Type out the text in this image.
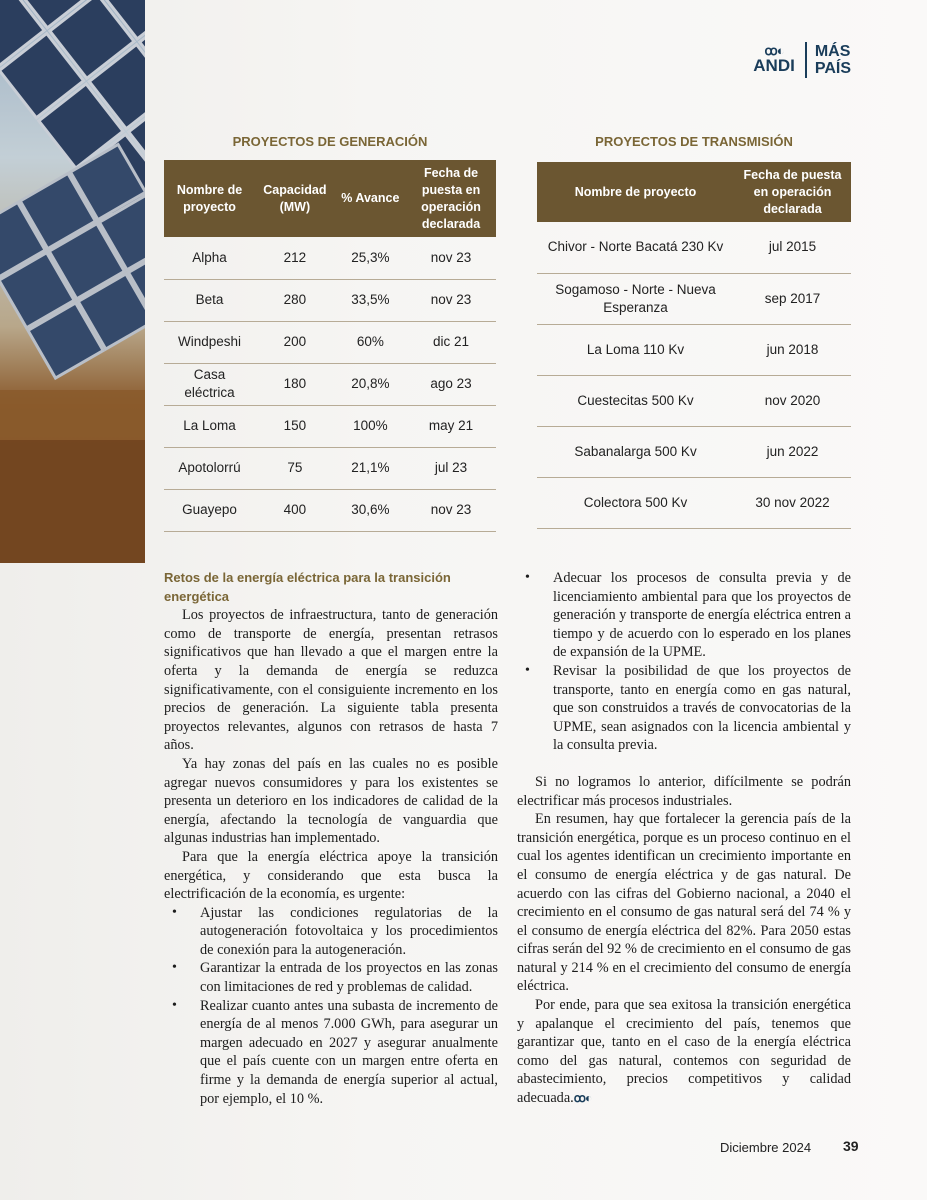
ꝏ◐
ANDI
MÁS
PAÍS
PROYECTOS DE GENERACIÓN
Nombre de proyecto	Capacidad (MW)	% Avance	Fecha de puesta en operación declarada
Alpha	212	25,3%	nov 23
Beta	280	33,5%	nov 23
Windpeshi	200	60%	dic 21
Casa eléctrica	180	20,8%	ago 23
La Loma	150	100%	may 21
Apotolorrú	75	21,1%	jul 23
Guayepo	400	30,6%	nov 23
PROYECTOS DE TRANSMISIÓN
Nombre de proyecto	Fecha de puesta en operación declarada
Chivor - Norte Bacatá 230 Kv	jul 2015
Sogamoso - Norte - Nueva Esperanza	sep 2017
La Loma 110 Kv	jun 2018
Cuestecitas 500 Kv	nov 2020
Sabanalarga 500 Kv	jun 2022
Colectora 500 Kv	30 nov 2022
Retos de la energía eléctrica para la transición energética

Los proyectos de infraestructura, tanto de generación como de transporte de energía, presentan retrasos significativos que han llevado a que el margen entre la oferta y la demanda de energía se reduzca significativamente, con el consiguiente incremento en los precios de generación. La siguiente tabla presenta proyectos relevantes, algunos con retrasos de hasta 7 años.

Ya hay zonas del país en las cuales no es posible agregar nuevos consumidores y para los existentes se presenta un deterioro en los indicadores de calidad de la energía, afectando la tecnología de vanguardia que algunas industrias han implementado.

Para que la energía eléctrica apoye la transición energética, y considerando que esta busca la electrificación de la economía, es urgente:

• Ajustar las condiciones regulatorias de la autogeneración fotovoltaica y los procedimientos de conexión para la autogeneración.
• Garantizar la entrada de los proyectos en las zonas con limitaciones de red y problemas de calidad.
• Realizar cuanto antes una subasta de incremento de energía de al menos 7.000 GWh, para asegurar un margen adecuado en 2027 y asegurar anualmente que el país cuente con un margen entre oferta en firme y la demanda de energía superior al actual, por ejemplo, el 10 %.
• Adecuar los procesos de consulta previa y de licenciamiento ambiental para que los proyectos de generación y transporte de energía eléctrica entren a tiempo y de acuerdo con lo esperado en los planes de expansión de la UPME.
• Revisar la posibilidad de que los proyectos de transporte, tanto en energía como en gas natural, que son construidos a través de convocatorias de la UPME, sean asignados con la licencia ambiental y la consulta previa.

Si no logramos lo anterior, difícilmente se podrán electrificar más procesos industriales.

En resumen, hay que fortalecer la gerencia país de la transición energética, porque es un proceso continuo en el cual los agentes identifican un crecimiento importante en el consumo de energía eléctrica y de gas natural. De acuerdo con las cifras del Gobierno nacional, a 2040 el crecimiento en el consumo de gas natural será del 74 % y el consumo de energía eléctrica del 82%. Para 2050 estas cifras serán del 92 % de crecimiento en el consumo de gas natural y 214 % en el crecimiento del consumo de energía eléctrica.

Por ende, para que sea exitosa la transición energética y apalanque el crecimiento del país, tenemos que garantizar que, tanto en el caso de la energía eléctrica como del gas natural, contemos con seguridad de abastecimiento, precios competitivos y calidad adecuada.ꝏ◐

Diciembre 2024 39
